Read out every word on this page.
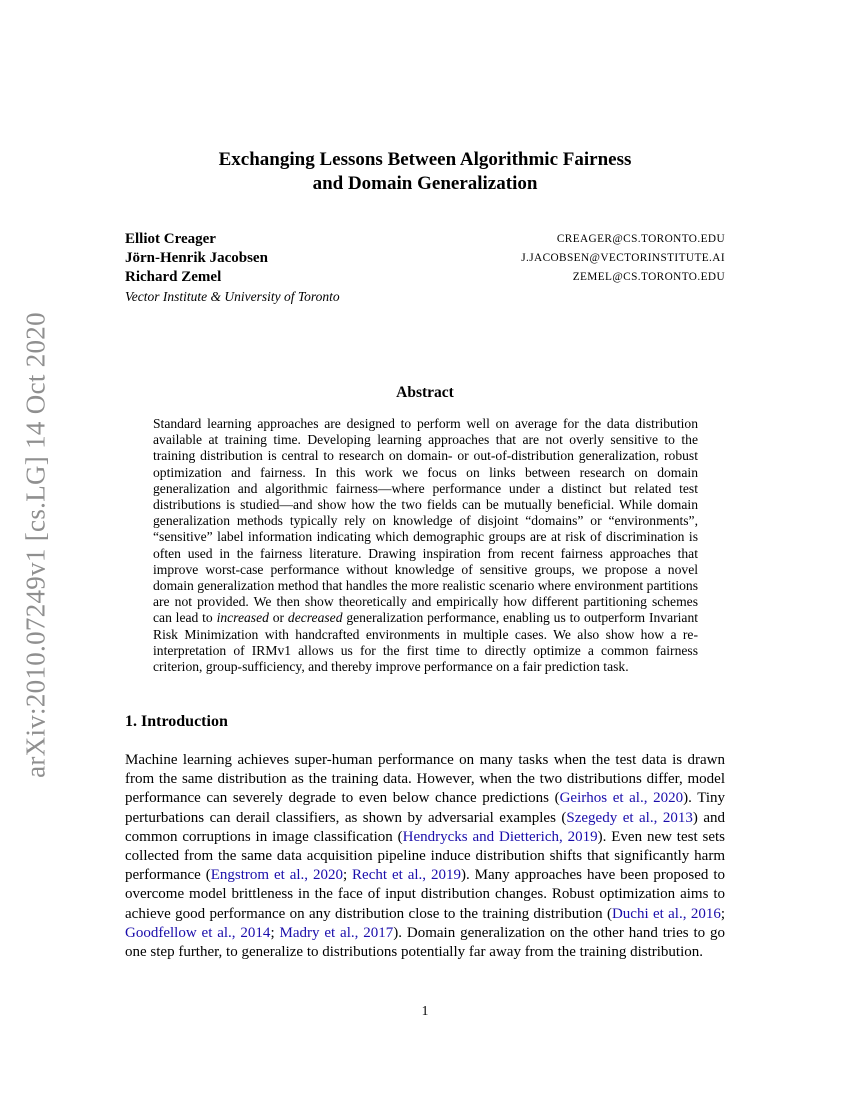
arXiv:2010.07249v1 [cs.LG] 14 Oct 2020
Exchanging Lessons Between Algorithmic Fairness
and Domain Generalization
Elliot Creager	CREAGER@CS.TORONTO.EDU
Jörn-Henrik Jacobsen	J.JACOBSEN@VECTORINSTITUTE.AI
Richard Zemel	ZEMEL@CS.TORONTO.EDU
Vector Institute & University of Toronto
Abstract

Standard learning approaches are designed to perform well on average for the data distribution available at training time. Developing learning approaches that are not overly sensitive to the training distribution is central to research on domain- or out-of-distribution generalization, robust optimization and fairness. In this work we focus on links between research on domain generalization and algorithmic fairness—where performance under a distinct but related test distributions is studied—and show how the two fields can be mutually beneficial. While domain generalization methods typically rely on knowledge of disjoint “domains” or “environments”, “sensitive” label information indicating which demographic groups are at risk of discrimination is often used in the fairness literature. Drawing inspiration from recent fairness approaches that improve worst-case performance without knowledge of sensitive groups, we propose a novel domain generalization method that handles the more realistic scenario where environment partitions are not provided. We then show theoretically and empirically how different partitioning schemes can lead to increased or decreased generalization performance, enabling us to outperform Invariant Risk Minimization with handcrafted environments in multiple cases. We also show how a re-interpretation of IRMv1 allows us for the first time to directly optimize a common fairness criterion, group-sufficiency, and thereby improve performance on a fair prediction task.

1. Introduction

Machine learning achieves super-human performance on many tasks when the test data is drawn from the same distribution as the training data. However, when the two distributions differ, model performance can severely degrade to even below chance predictions (Geirhos et al., 2020). Tiny perturbations can derail classifiers, as shown by adversarial examples (Szegedy et al., 2013) and common corruptions in image classification (Hendrycks and Dietterich, 2019). Even new test sets collected from the same data acquisition pipeline induce distribution shifts that significantly harm performance (Engstrom et al., 2020; Recht et al., 2019). Many approaches have been proposed to overcome model brittleness in the face of input distribution changes. Robust optimization aims to achieve good performance on any distribution close to the training distribution (Duchi et al., 2016; Goodfellow et al., 2014; Madry et al., 2017). Domain generalization on the other hand tries to go one step further, to generalize to distributions potentially far away from the training distribution.

1
